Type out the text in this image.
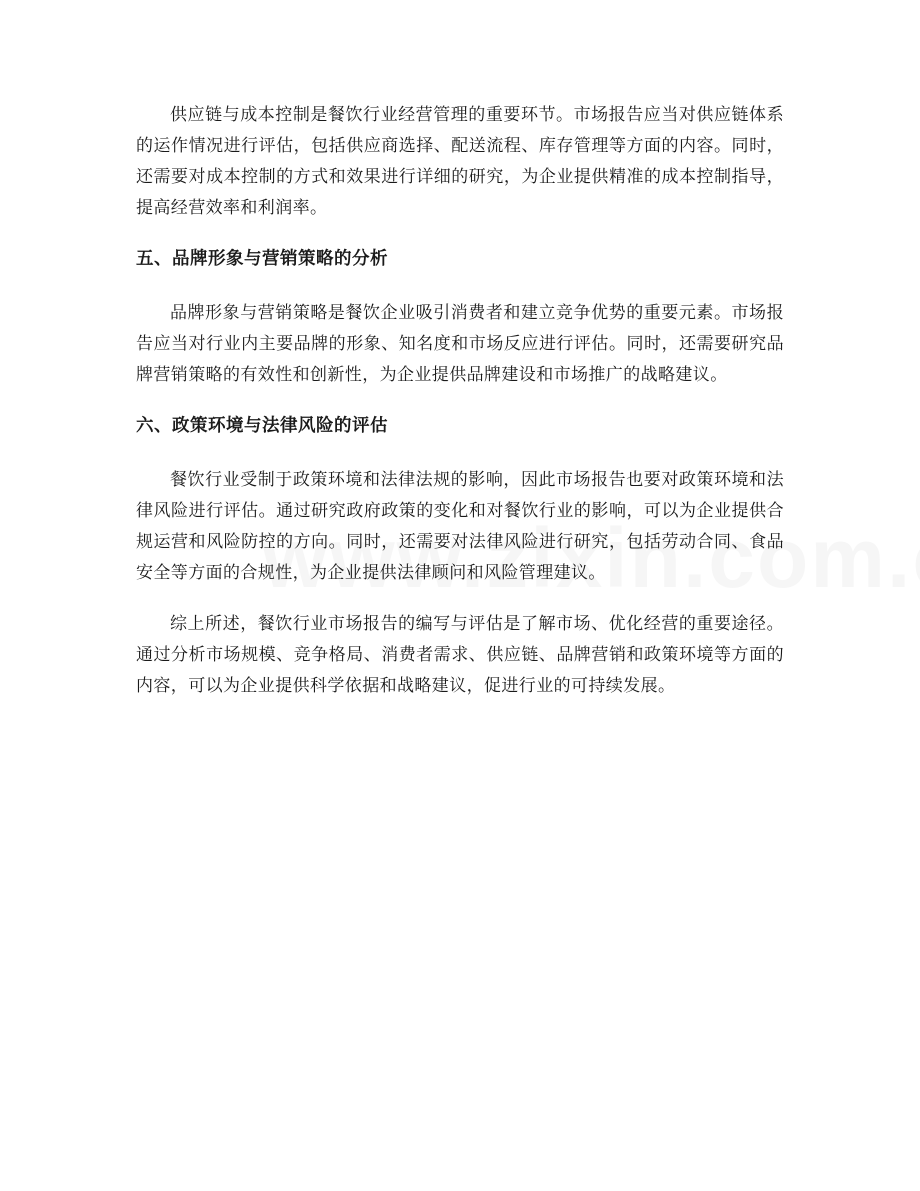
供应链与成本控制是餐饮行业经营管理的重要环节。市场报告应当对供应链体系的运作情况进行评估，包括供应商选择、配送流程、库存管理等方面的内容。同时，还需要对成本控制的方式和效果进行详细的研究，为企业提供精准的成本控制指导，提高经营效率和利润率。

五、品牌形象与营销策略的分析

品牌形象与营销策略是餐饮企业吸引消费者和建立竞争优势的重要元素。市场报告应当对行业内主要品牌的形象、知名度和市场反应进行评估。同时，还需要研究品牌营销策略的有效性和创新性，为企业提供品牌建设和市场推广的战略建议。

六、政策环境与法律风险的评估

餐饮行业受制于政策环境和法律法规的影响，因此市场报告也要对政策环境和法律风险进行评估。通过研究政府政策的变化和对餐饮行业的影响，可以为企业提供合规运营和风险防控的方向。同时，还需要对法律风险进行研究，包括劳动合同、食品安全等方面的合规性，为企业提供法律顾问和风险管理建议。

综上所述，餐饮行业市场报告的编写与评估是了解市场、优化经营的重要途径。通过分析市场规模、竞争格局、消费者需求、供应链、品牌营销和政策环境等方面的内容，可以为企业提供科学依据和战略建议，促进行业的可持续发展。
